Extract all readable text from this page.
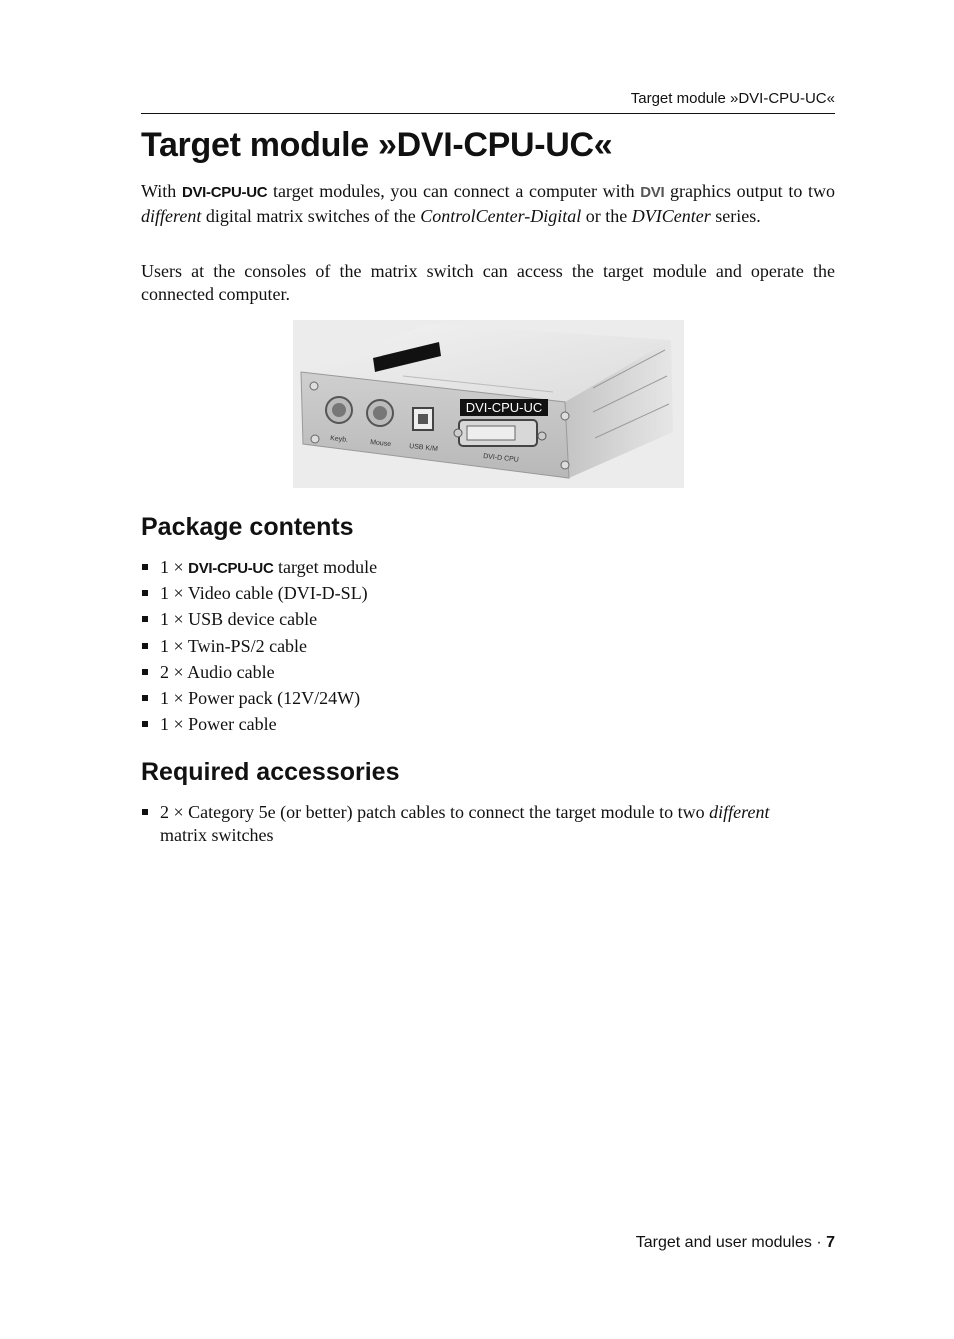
Target module »DVI-CPU-UC«
Target module »DVI-CPU-UC«

With DVI-CPU-UC target modules, you can connect a computer with DVI graphics output to two different digital matrix switches of the ControlCenter-Digital or the DVICenter series.

Users at the consoles of the matrix switch can access the target module and operate the connected computer.

DVI-CPU-UC
Keyb.	Mouse USB K/M
DVI-D CPU
Package contents
1 × DVI-CPU-UC target module
1 × Video cable (DVI-D-SL)
1 × USB device cable
1 × Twin-PS/2 cable
2 × Audio cable
1 × Power pack (12V/24W)
1 × Power cable
Required accessories
2 × Category 5e (or better) patch cables to connect the target module to two different matrix switches
Target and user modules · 7
